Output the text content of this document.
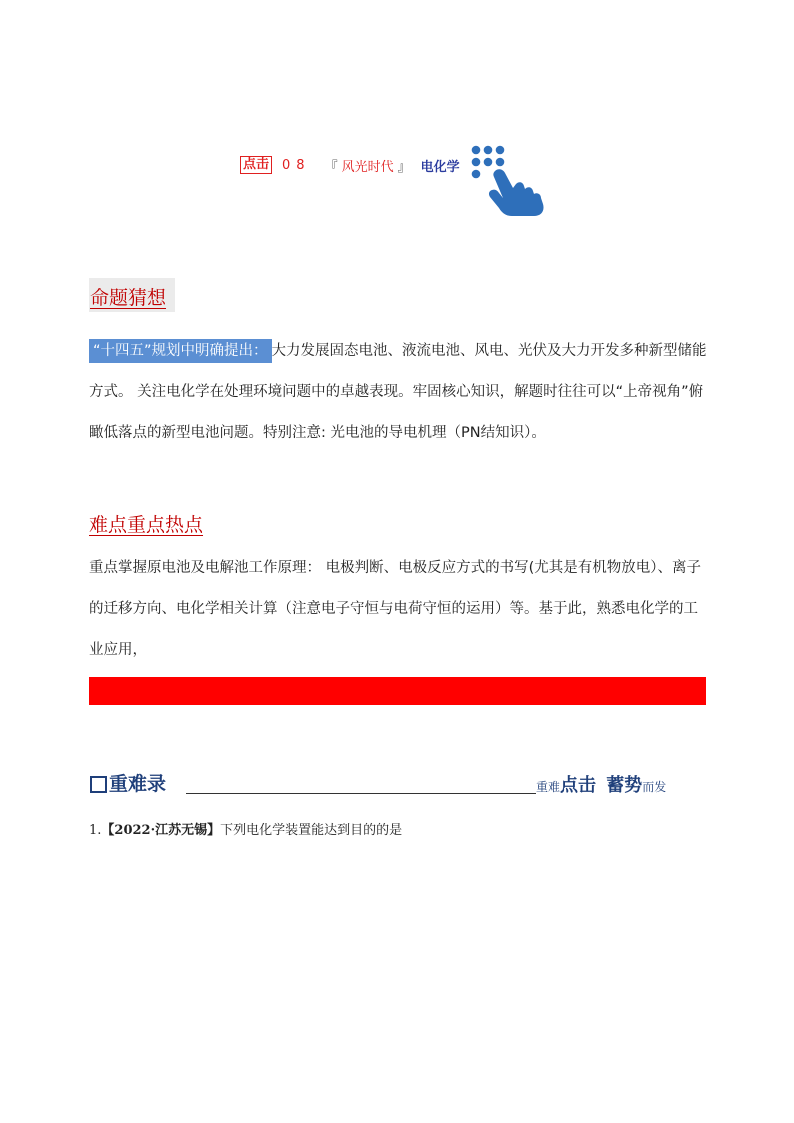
点击 08 『 风光时代 』 电化学
命题猜想
“十四五”规划中明确提出： 大力发展固态电池、液流电池、风电、光伏及大力开发多种新型储能方式。 关注电化学在处理环境问题中的卓越表现。牢固核心知识，解题时往往可以“上帝视角”俯瞰低落点的新型电池问题。特别注意: 光电池的导电机理（PN结知识）。
难点重点热点
重点掌握原电池及电解池工作原理： 电极判断、电极反应方式的书写(尤其是有机物放电）、离子的迁移方向、电化学相关计算（注意电子守恒与电荷守恒的运用）等。基于此，熟悉电化学的工业应用，
重难录	重难点击 蓄势而发
1.【2022·江苏无锡】下列电化学装置能达到目的的是
